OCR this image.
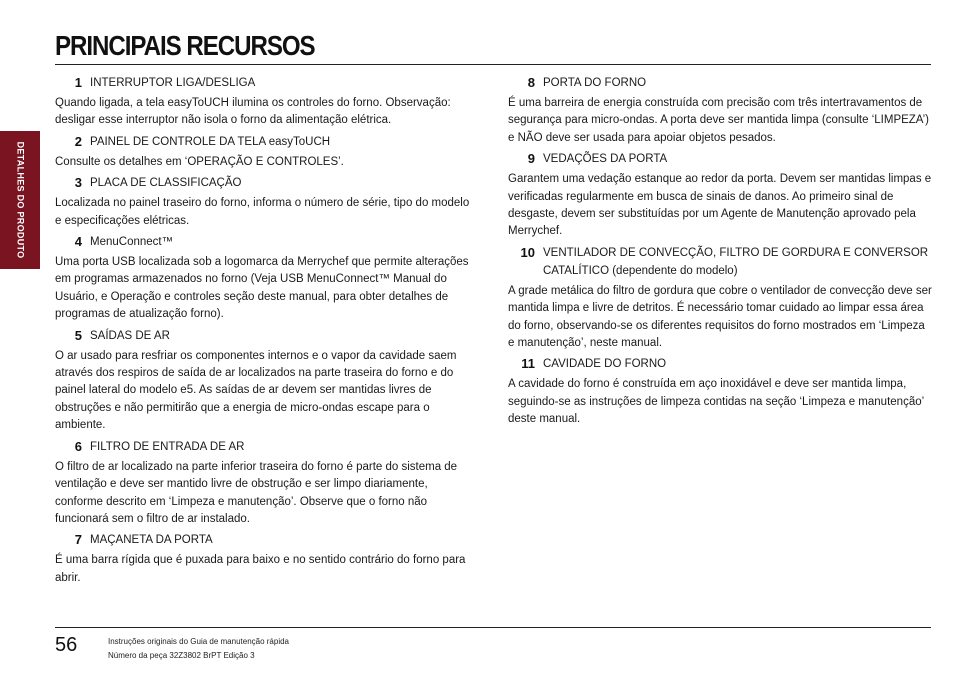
PRINCIPAIS RECURSOS
DETALHES DO PRODUTO
1 INTERRUPTOR LIGA/DESLIGA

Quando ligada, a tela easyToUCH ilumina os controles do forno. Observação: desligar esse interruptor não isola o forno da alimentação elétrica.

2 PAINEL DE CONTROLE DA TELA easyToUCH

Consulte os detalhes em ‘OPERAÇÃO E CONTROLES’.

3 PLACA DE CLASSIFICAÇÃO

Localizada no painel traseiro do forno, informa o número de série, tipo do modelo e especificações elétricas.

4 MenuConnect™

Uma porta USB localizada sob a logomarca da Merrychef que permite alterações em programas armazenados no forno (Veja USB MenuConnect™ Manual do Usuário, e Operação e controles seção deste manual, para obter detalhes de programas de atualização forno).

5 SAÍDAS DE AR

O ar usado para resfriar os componentes internos e o vapor da cavidade saem através dos respiros de saída de ar localizados na parte traseira do forno e do painel lateral do modelo e5. As saídas de ar devem ser mantidas livres de obstruções e não permitirão que a energia de micro-ondas escape para o ambiente.

6 FILTRO DE ENTRADA DE AR

O filtro de ar localizado na parte inferior traseira do forno é parte do sistema de ventilação e deve ser mantido livre de obstrução e ser limpo diariamente, conforme descrito em ‘Limpeza e manutenção’. Observe que o forno não funcionará sem o filtro de ar instalado.

7 MAÇANETA DA PORTA

É uma barra rígida que é puxada para baixo e no sentido contrário do forno para abrir.

8 PORTA DO FORNO

É uma barreira de energia construída com precisão com três intertravamentos de segurança para micro-ondas. A porta deve ser mantida limpa (consulte ‘LIMPEZA’) e NÃO deve ser usada para apoiar objetos pesados.

9 VEDAÇÕES DA PORTA

Garantem uma vedação estanque ao redor da porta. Devem ser mantidas limpas e verificadas regularmente em busca de sinais de danos. Ao primeiro sinal de desgaste, devem ser substituídas por um Agente de Manutenção aprovado pela Merrychef.

10 VENTILADOR DE CONVECÇÃO, FILTRO DE GORDURA E CONVERSOR CATALÍTICO (dependente do modelo)

A grade metálica do filtro de gordura que cobre o ventilador de convecção deve ser mantida limpa e livre de detritos. É necessário tomar cuidado ao limpar essa área do forno, observando-se os diferentes requisitos do forno mostrados em ‘Limpeza e manutenção’, neste manual.

11 CAVIDADE DO FORNO

A cavidade do forno é construída em aço inoxidável e deve ser mantida limpa, seguindo-se as instruções de limpeza contidas na seção ‘Limpeza e manutenção’ deste manual.

56	Instruções originais do Guia de manutenção rápida
Número da peça 32Z3802 BrPT Edição 3
